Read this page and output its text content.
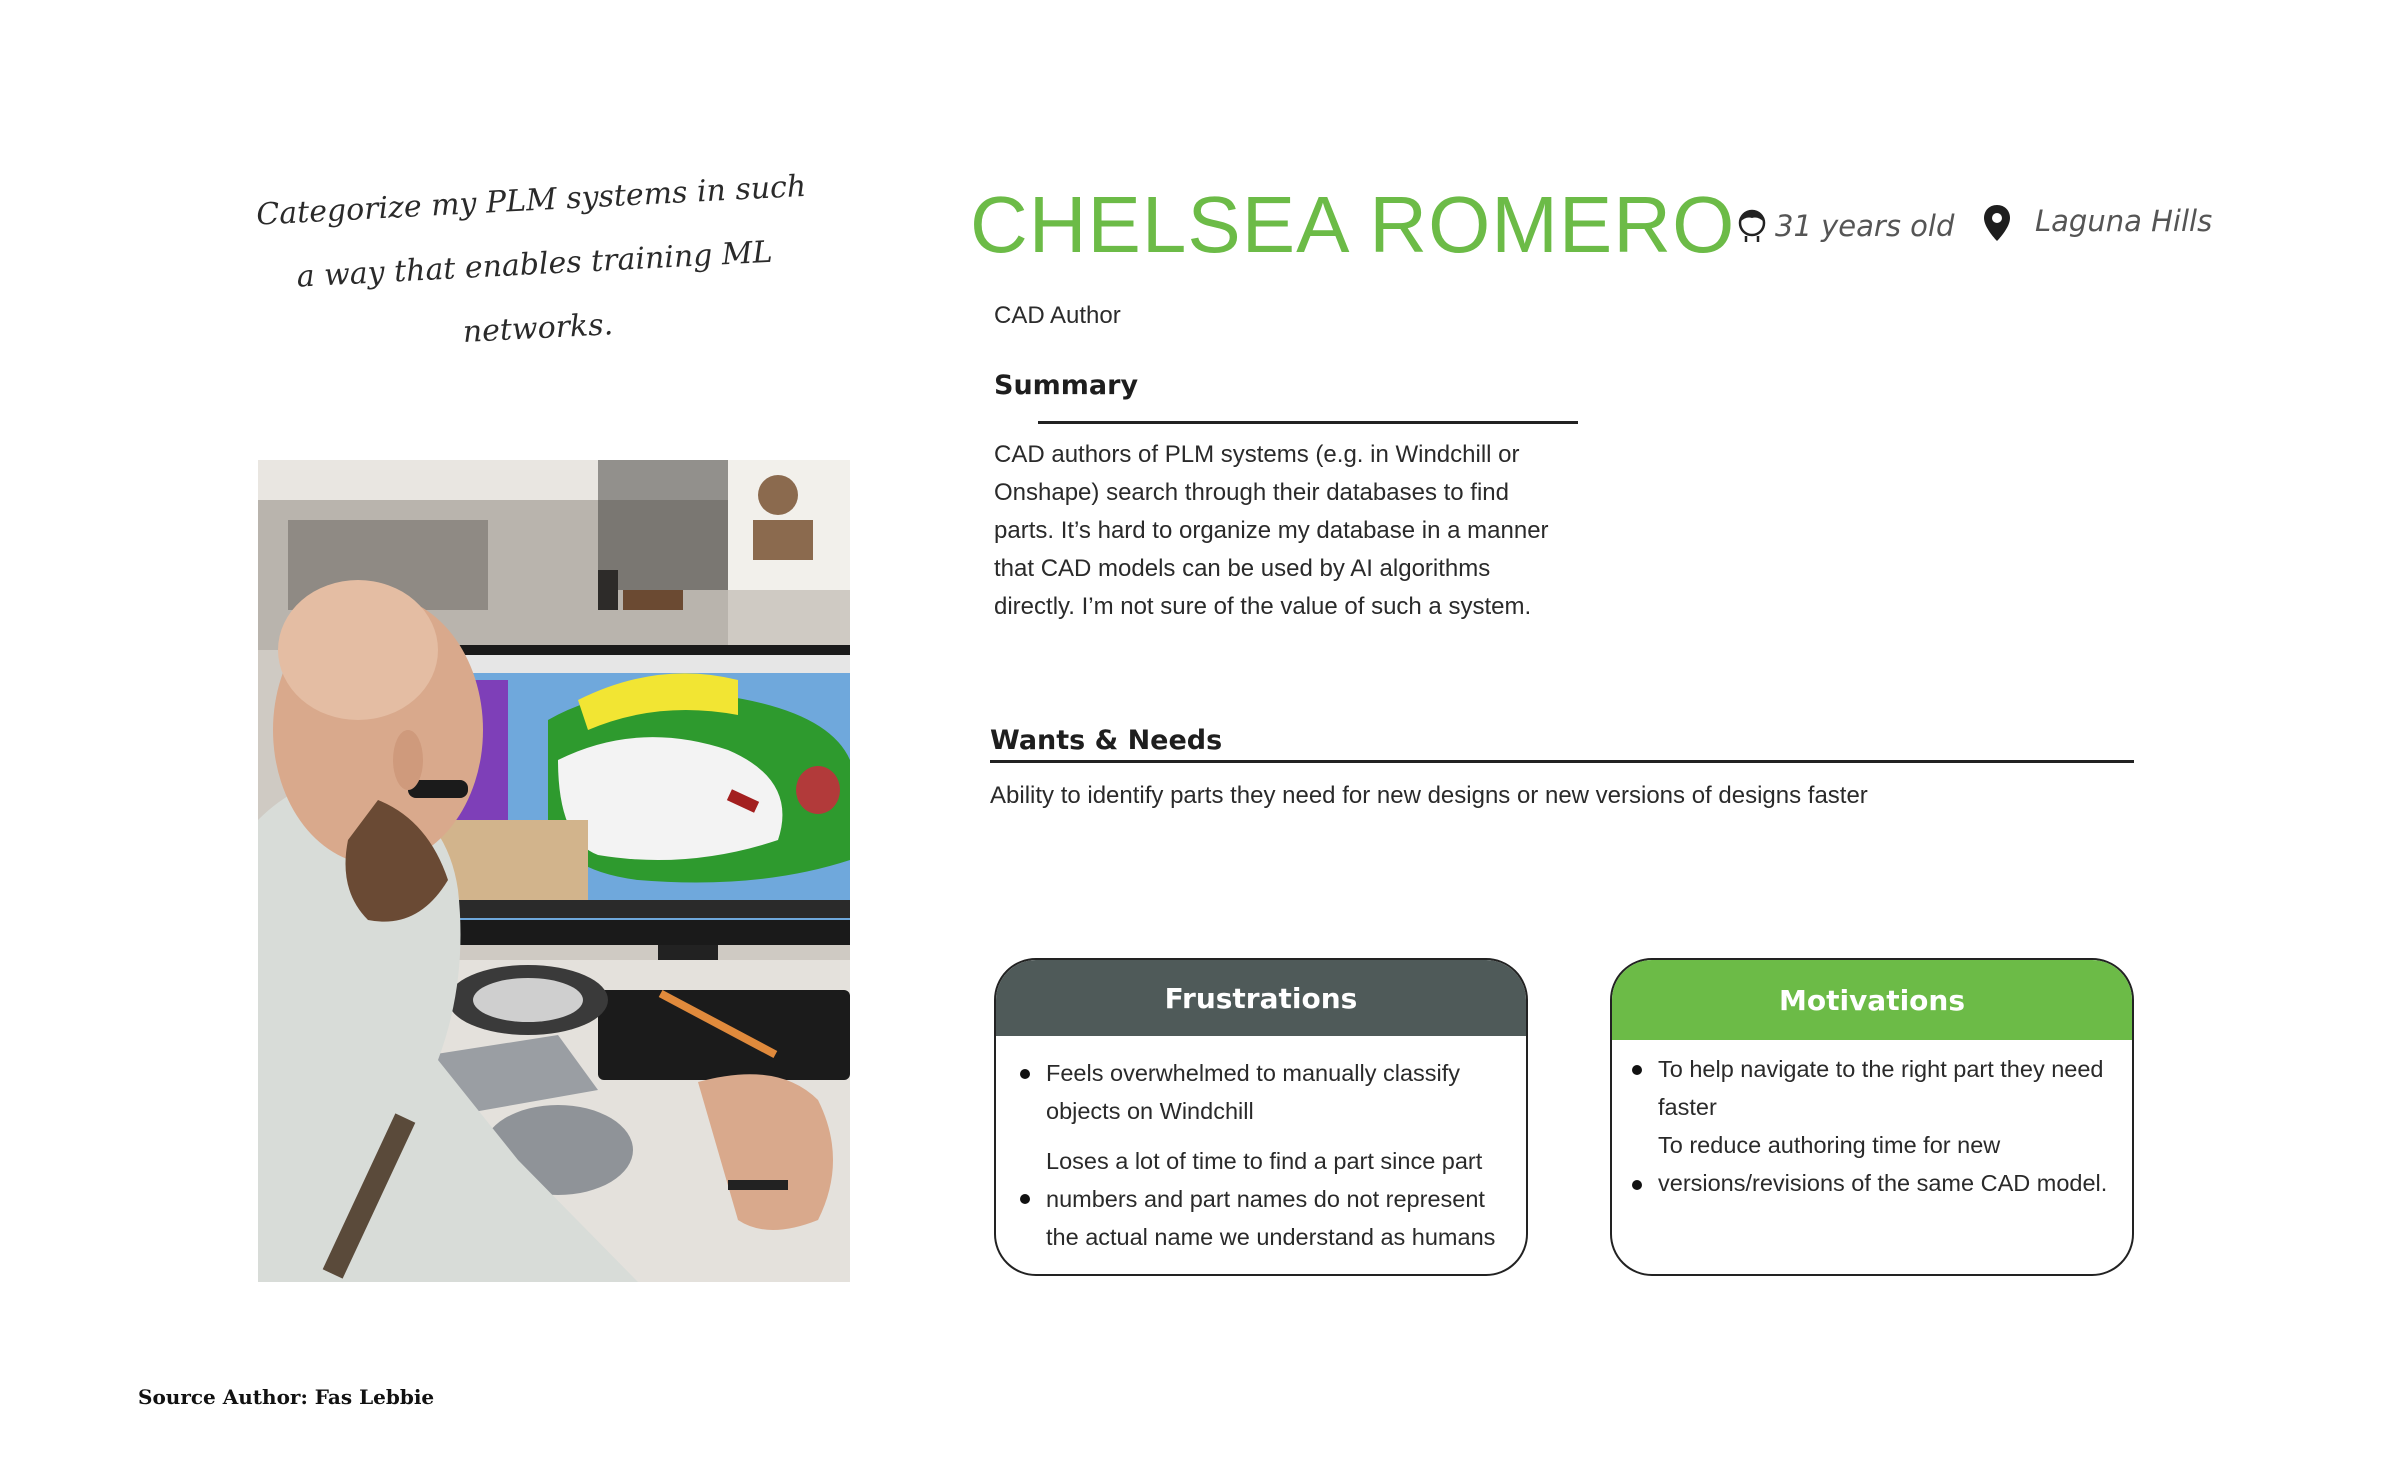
Categorize my PLM systems in such
a way that enables training ML
networks.
CHELSEA ROMERO 31 years old	Laguna Hills
CAD Author
Summary
CAD authors of PLM systems (e.g. in Windchill or Onshape) search through their databases to find parts. It’s hard to organize my database in a manner that CAD models can be used by AI algorithms directly. I’m not sure of the value of such a system.
Wants & Needs
Ability to identify parts they need for new designs or new versions of designs faster
Frustrations
Feels overwhelmed to manually classify objects on Windchill
Loses a lot of time to find a part since part numbers and part names do not represent the actual name we understand as humans
Motivations
To help navigate to the right part they need faster
To reduce authoring time for new versions/revisions of the same CAD model.
Source Author: Fas Lebbie
